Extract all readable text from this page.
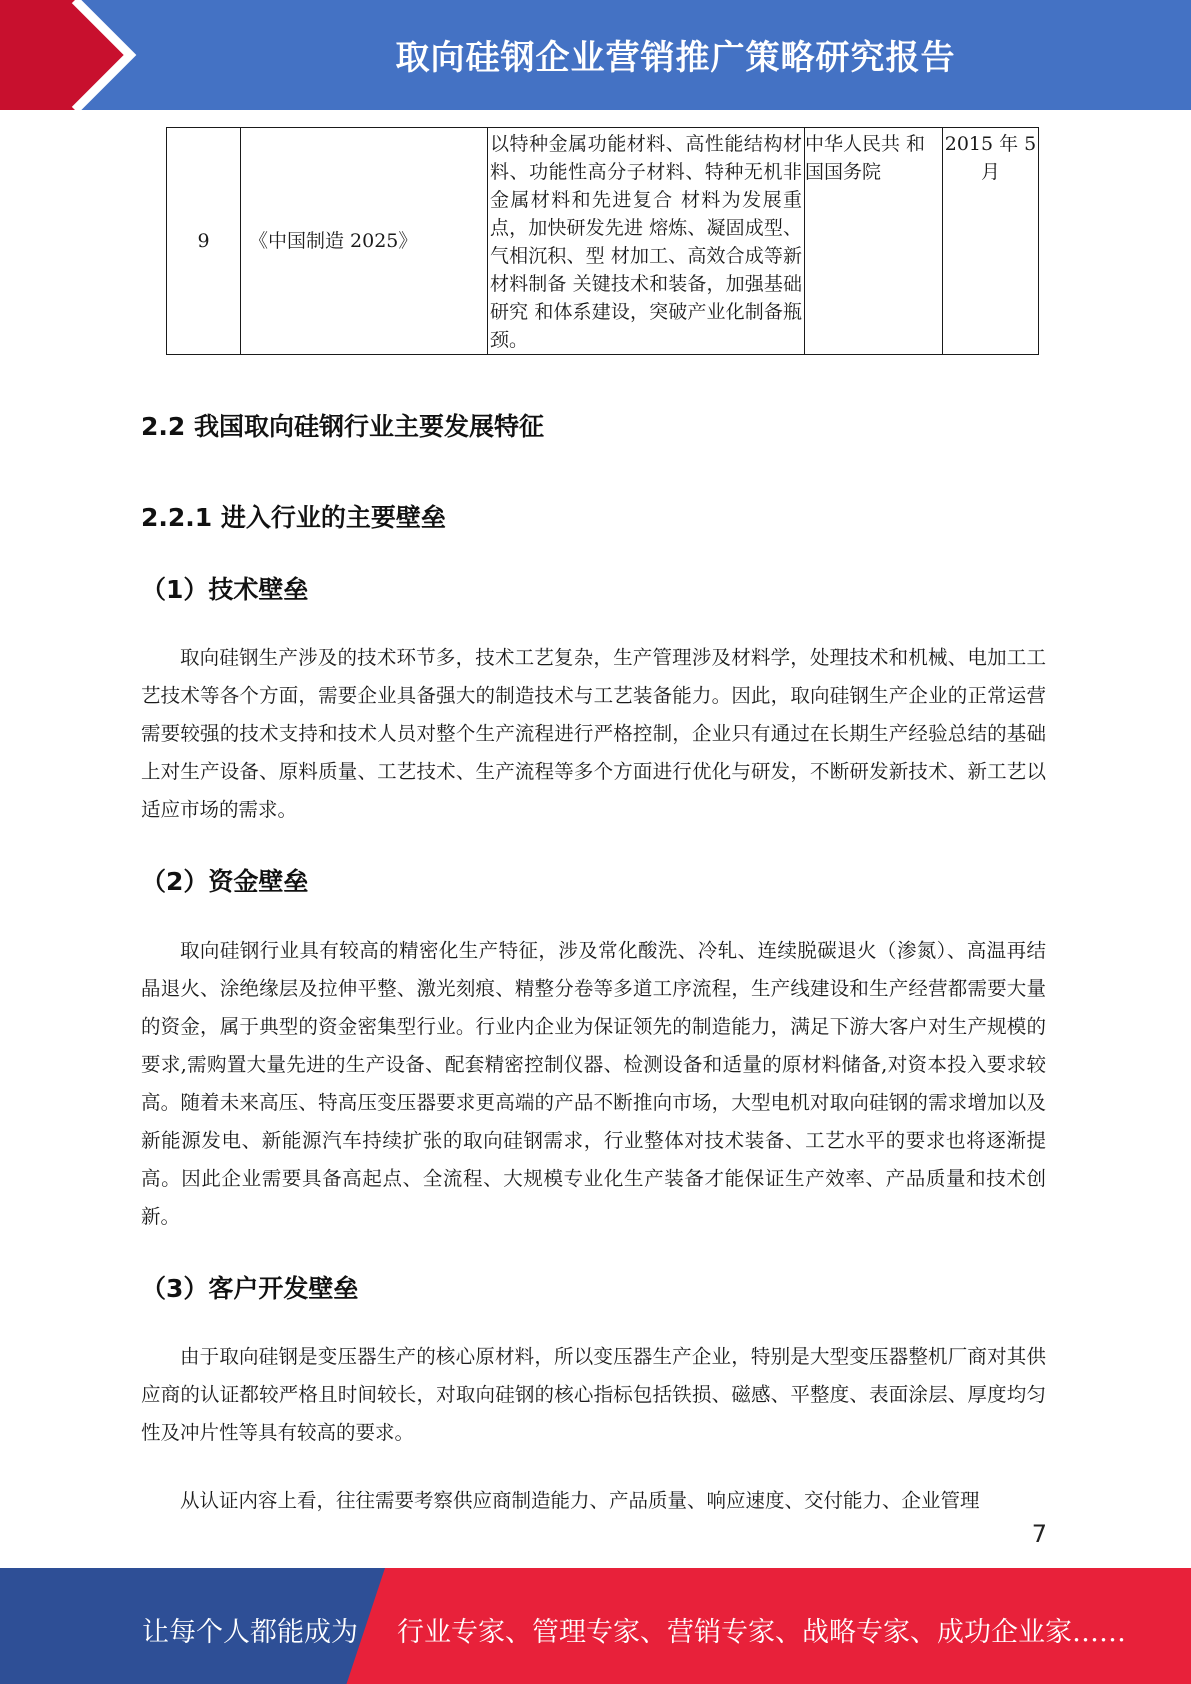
取向硅钢企业营销推广策略研究报告
9	《中国制造 2025》	以特种金属功能材料、高性能结构材料、功能性高分子材料、特种无机非金属材料和先进复合 材料为发展重点，加快研发先进 熔炼、凝固成型、气相沉积、型 材加工、高效合成等新材料制备 关键技术和装备，加强基础研究 和体系建设，突破产业化制备瓶 颈。	中华人民共 和国国务院	2015 年 5月
2.2 我国取向硅钢行业主要发展特征
2.2.1 进入行业的主要壁垒
（1）技术壁垒

取向硅钢生产涉及的技术环节多，技术工艺复杂，生产管理涉及材料学，处理技术和机械、电加工工艺技术等各个方面，需要企业具备强大的制造技术与工艺装备能力。因此，取向硅钢生产企业的正常运营需要较强的技术支持和技术人员对整个生产流程进行严格控制，企业只有通过在长期生产经验总结的基础上对生产设备、原料质量、工艺技术、生产流程等多个方面进行优化与研发，不断研发新技术、新工艺以适应市场的需求。

（2）资金壁垒

取向硅钢行业具有较高的精密化生产特征，涉及常化酸洗、冷轧、连续脱碳退火（渗氮）、高温再结晶退火、涂绝缘层及拉伸平整、激光刻痕、精整分卷等多道工序流程，生产线建设和生产经营都需要大量的资金，属于典型的资金密集型行业。行业内企业为保证领先的制造能力，满足下游大客户对生产规模的要求,需购置大量先进的生产设备、配套精密控制仪器、检测设备和适量的原材料储备,对资本投入要求较高。随着未来高压、特高压变压器要求更高端的产品不断推向市场，大型电机对取向硅钢的需求增加以及新能源发电、新能源汽车持续扩张的取向硅钢需求，行业整体对技术装备、工艺水平的要求也将逐渐提高。因此企业需要具备高起点、全流程、大规模专业化生产装备才能保证生产效率、产品质量和技术创新。

（3）客户开发壁垒

由于取向硅钢是变压器生产的核心原材料，所以变压器生产企业，特别是大型变压器整机厂商对其供应商的认证都较严格且时间较长，对取向硅钢的核心指标包括铁损、磁感、平整度、表面涂层、厚度均匀性及冲片性等具有较高的要求。

从认证内容上看，往往需要考察供应商制造能力、产品质量、响应速度、交付能力、企业管理

7
让每个人都能成为 行业专家、管理专家、营销专家、战略专家、成功企业家……
